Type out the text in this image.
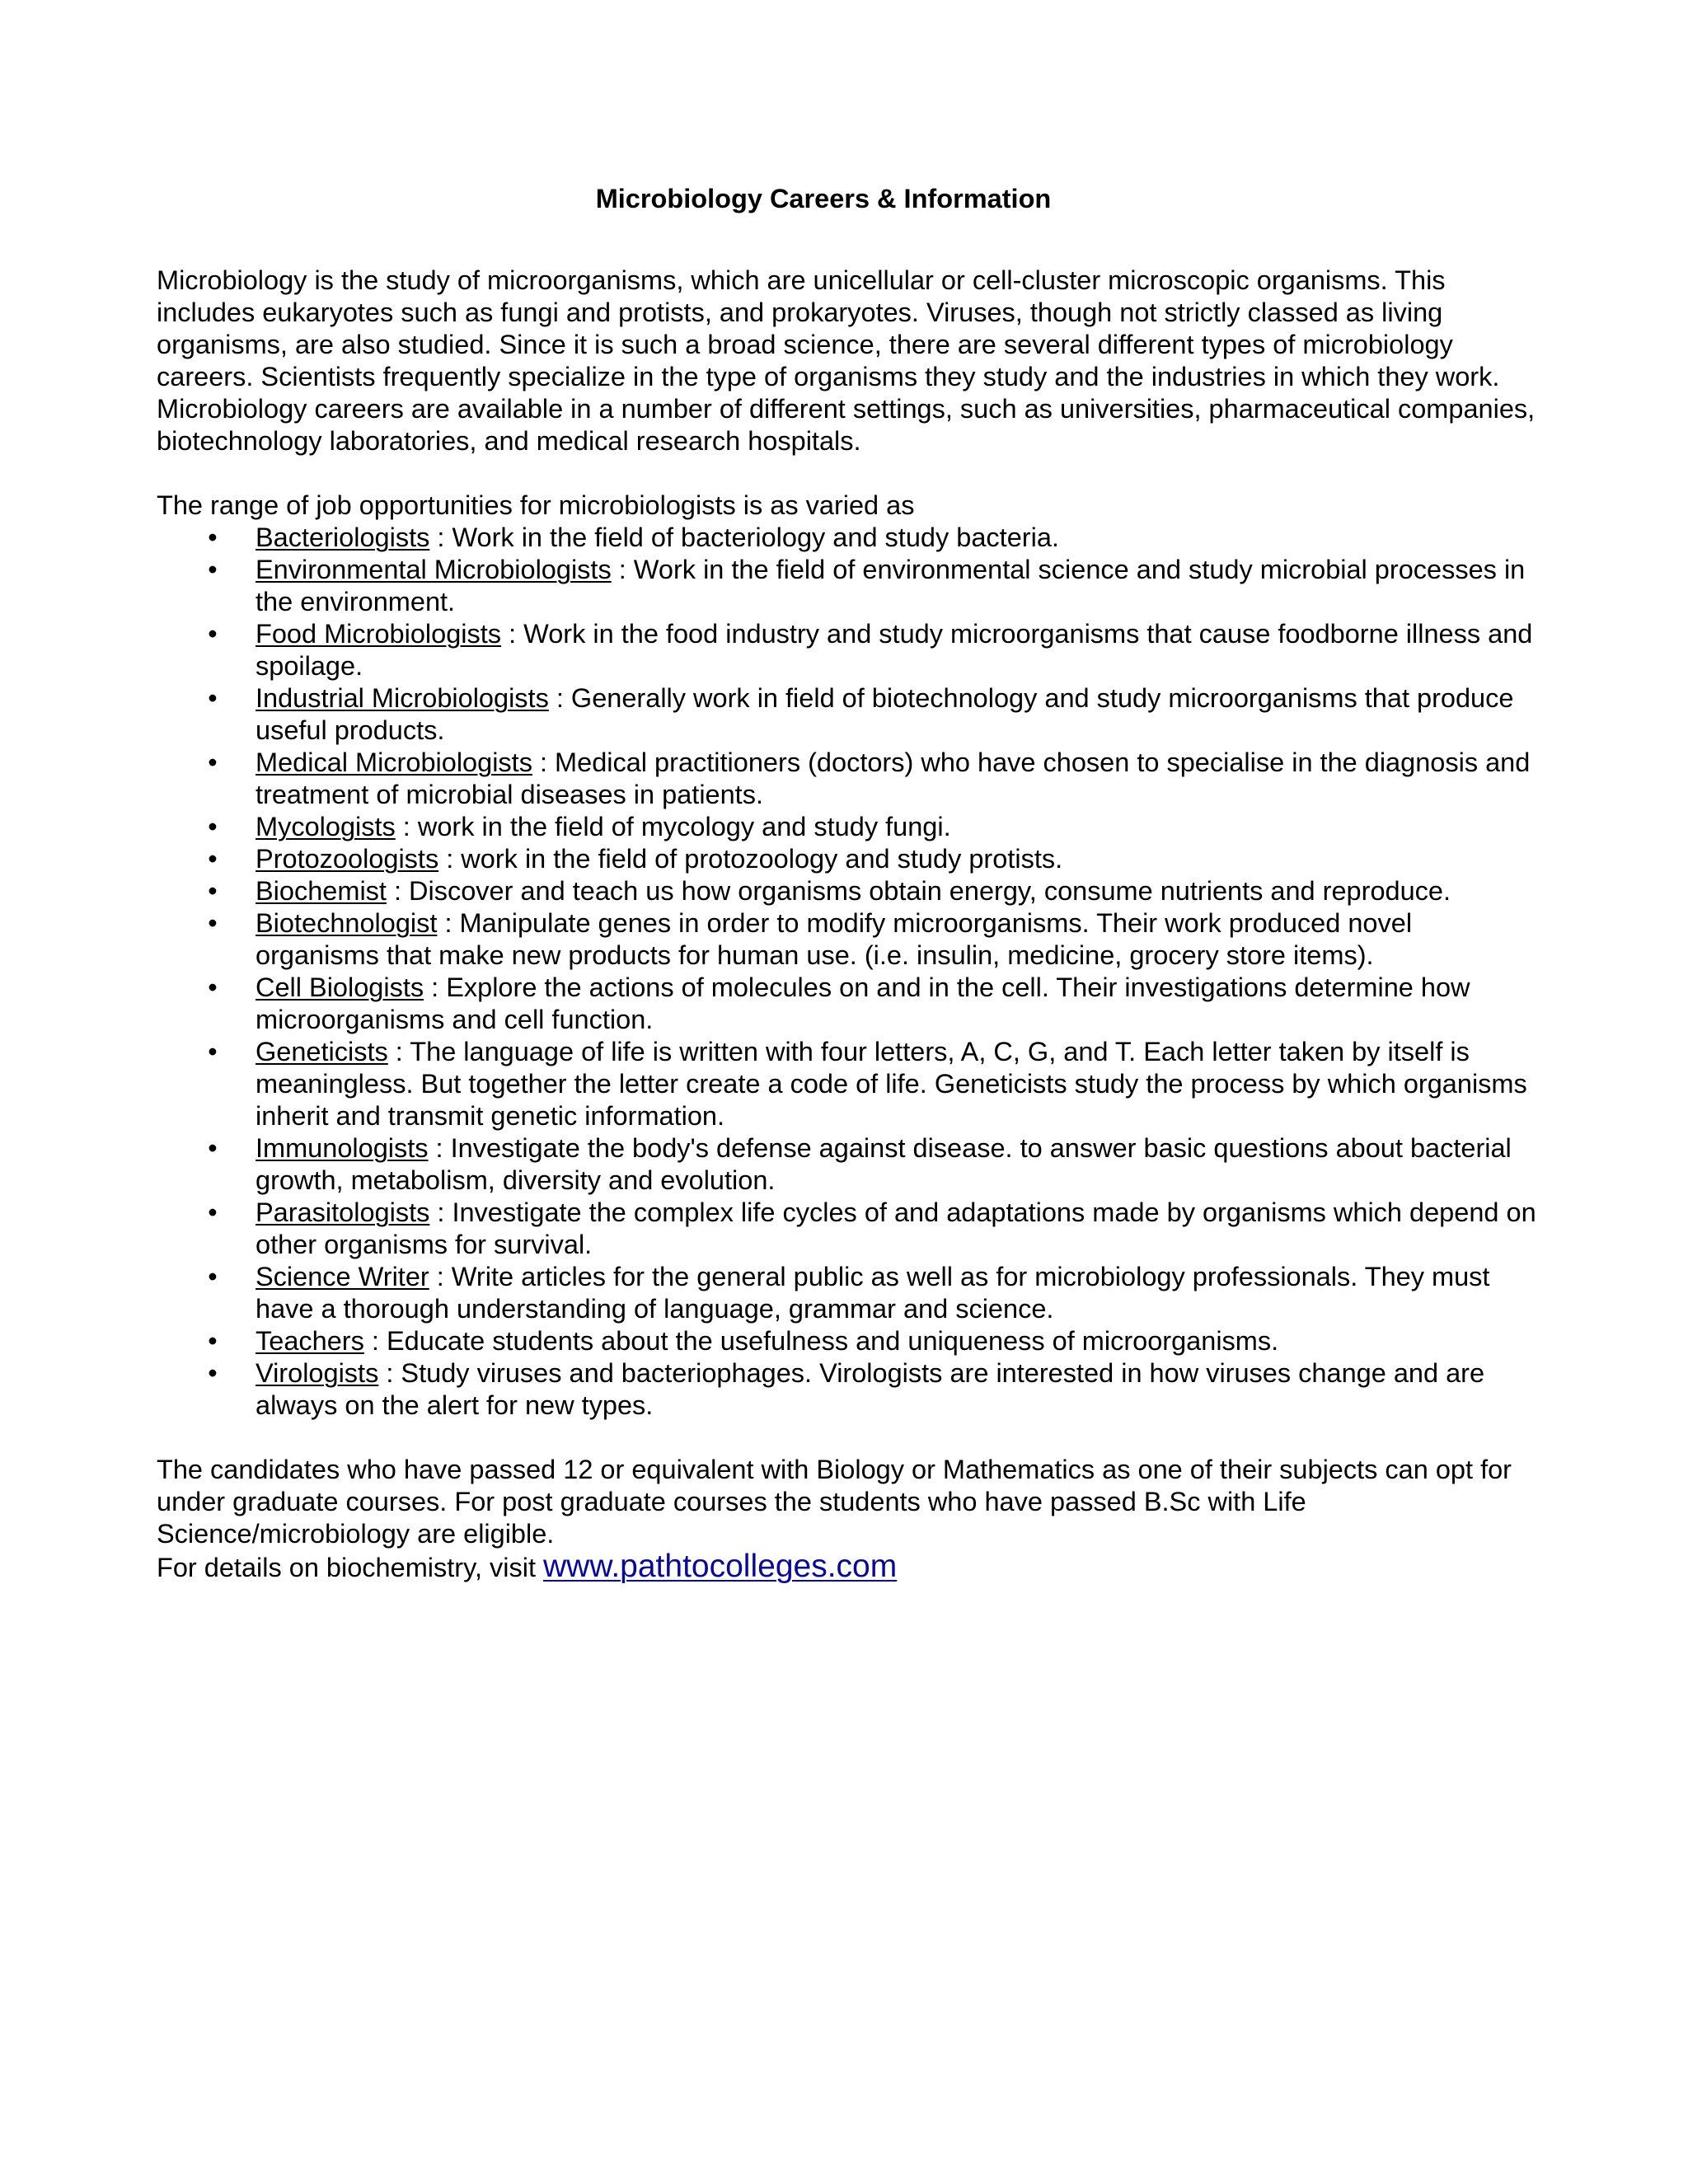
Microbiology Careers & Information

Microbiology is the study of microorganisms, which are unicellular or cell-cluster microscopic organisms. This includes eukaryotes such as fungi and protists, and prokaryotes. Viruses, though not strictly classed as living organisms, are also studied. Since it is such a broad science, there are several different types of microbiology careers. Scientists frequently specialize in the type of organisms they study and the industries in which they work. Microbiology careers are available in a number of different settings, such as universities, pharmaceutical companies, biotechnology laboratories, and medical research hospitals.

The range of job opportunities for microbiologists is as varied as

• Bacteriologists : Work in the field of bacteriology and study bacteria.
• Environmental Microbiologists : Work in the field of environmental science and study microbial processes in the environment.
• Food Microbiologists : Work in the food industry and study microorganisms that cause foodborne illness and spoilage.
• Industrial Microbiologists : Generally work in field of biotechnology and study microorganisms that produce useful products.
• Medical Microbiologists : Medical practitioners (doctors) who have chosen to specialise in the diagnosis and treatment of microbial diseases in patients.
• Mycologists : work in the field of mycology and study fungi.
• Protozoologists : work in the field of protozoology and study protists.
• Biochemist : Discover and teach us how organisms obtain energy, consume nutrients and reproduce.
• Biotechnologist : Manipulate genes in order to modify microorganisms. Their work produced novel organisms that make new products for human use. (i.e. insulin, medicine, grocery store items).
• Cell Biologists : Explore the actions of molecules on and in the cell. Their investigations determine how microorganisms and cell function.
• Geneticists : The language of life is written with four letters, A, C, G, and T. Each letter taken by itself is meaningless. But together the letter create a code of life. Geneticists study the process by which organisms inherit and transmit genetic information.
• Immunologists : Investigate the body's defense against disease. to answer basic questions about bacterial growth, metabolism, diversity and evolution.
• Parasitologists : Investigate the complex life cycles of and adaptations made by organisms which depend on other organisms for survival.
• Science Writer : Write articles for the general public as well as for microbiology professionals. They must have a thorough understanding of language, grammar and science.
• Teachers : Educate students about the usefulness and uniqueness of microorganisms.
• Virologists : Study viruses and bacteriophages. Virologists are interested in how viruses change and are always on the alert for new types.

The candidates who have passed 12 or equivalent with Biology or Mathematics as one of their subjects can opt for under graduate courses. For post graduate courses the students who have passed B.Sc with Life Science/microbiology are eligible.

For details on biochemistry, visit www.pathtocolleges.com
